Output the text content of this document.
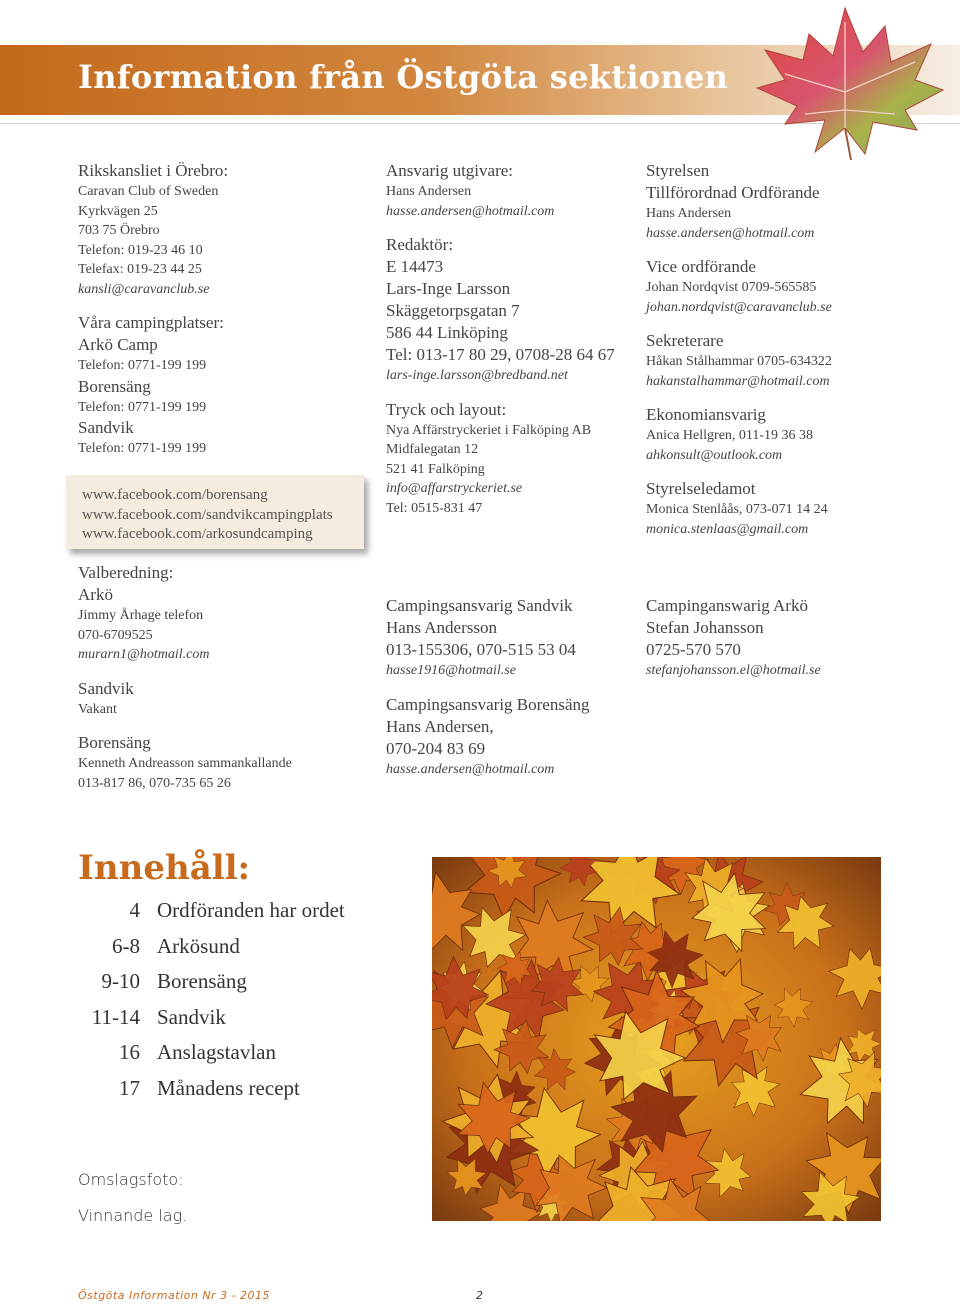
Information från Östgöta sektionen
Rikskansliet i Örebro:
Caravan Club of Sweden
Kyrkvägen 25
703 75 Örebro
Telefon: 019-23 46 10
Telefax: 019-23 44 25
kansli@caravanclub.se
Våra campingplatser:
Arkö Camp
Telefon: 0771-199 199
Borensäng
Telefon: 0771-199 199
Sandvik
Telefon: 0771-199 199
www.facebook.com/borensang
www.facebook.com/sandvikcampingplats
www.facebook.com/arkosundcamping
Valberedning:
Arkö
Jimmy Århage telefon
070-6709525
murarn1@hotmail.com
Sandvik
Vakant
Borensäng
Kenneth Andreasson sammankallande
013-817 86, 070-735 65 26
Ansvarig utgivare:
Hans Andersen
hasse.andersen@hotmail.com
Redaktör:
E 14473
Lars-Inge Larsson
Skäggetorpsgatan 7
586 44 Linköping
Tel: 013-17 80 29, 0708-28 64 67
lars-inge.larsson@bredband.net
Tryck och layout:
Nya Affärstryckeriet i Falköping AB
Midfalegatan 12
521 41 Falköping
info@affarstryckeriet.se
Tel: 0515-831 47
Campingsansvarig Sandvik
Hans Andersson
013-155306, 070-515 53 04
hasse1916@hotmail.se
Campingsansvarig Borensäng
Hans Andersen,
070-204 83 69
hasse.andersen@hotmail.com
Styrelsen
Tillförordnad Ordförande
Hans Andersen
hasse.andersen@hotmail.com
Vice ordförande
Johan Nordqvist 0709-565585
johan.nordqvist@caravanclub.se
Sekreterare
Håkan Stålhammar 0705-634322
hakanstalhammar@hotmail.com
Ekonomiansvarig
Anica Hellgren, 011-19 36 38
ahkonsult@outlook.com
Styrelseledamot
Monica Stenlåås, 073-071 14 24
monica.stenlaas@gmail.com
Campinganswarig Arkö
Stefan Johansson
0725-570 570
stefanjohansson.el@hotmail.se
Innehåll:
4 Ordföranden har ordet
6-8 Arkösund
9-10 Borensäng
11-14 Sandvik
16 Anslagstavlan
17 Månadens recept
Omslagsfoto:
Vinnande lag.
Östgöta Information Nr 3 - 2015	2
